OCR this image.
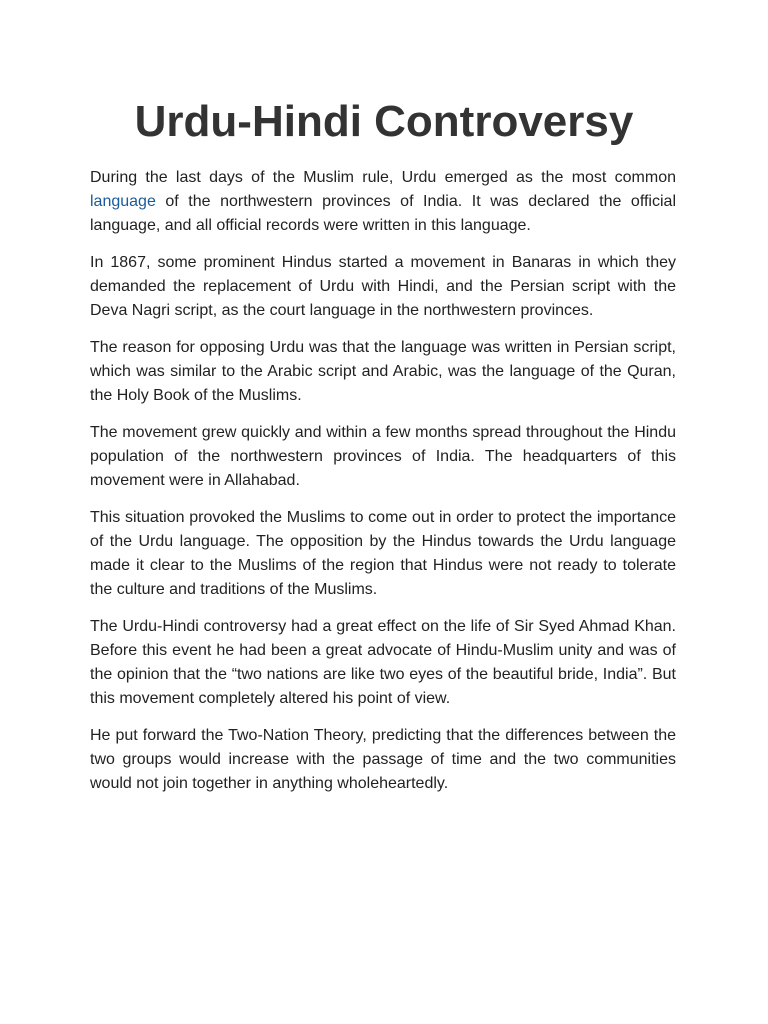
Urdu-Hindi Controversy

During the last days of the Muslim rule, Urdu emerged as the most common language of the northwestern provinces of India. It was declared the official language, and all official records were written in this language.

In 1867, some prominent Hindus started a movement in Banaras in which they demanded the replacement of Urdu with Hindi, and the Persian script with the Deva Nagri script, as the court language in the northwestern provinces.

The reason for opposing Urdu was that the language was written in Persian script, which was similar to the Arabic script and Arabic, was the language of the Quran, the Holy Book of the Muslims.

The movement grew quickly and within a few months spread throughout the Hindu population of the northwestern provinces of India. The headquarters of this movement were in Allahabad.

This situation provoked the Muslims to come out in order to protect the importance of the Urdu language. The opposition by the Hindus towards the Urdu language made it clear to the Muslims of the region that Hindus were not ready to tolerate the culture and traditions of the Muslims.

The Urdu-Hindi controversy had a great effect on the life of Sir Syed Ahmad Khan. Before this event he had been a great advocate of Hindu-Muslim unity and was of the opinion that the “two nations are like two eyes of the beautiful bride, India”. But this movement completely altered his point of view.

He put forward the Two-Nation Theory, predicting that the differences between the two groups would increase with the passage of time and the two communities would not join together in anything wholeheartedly.
